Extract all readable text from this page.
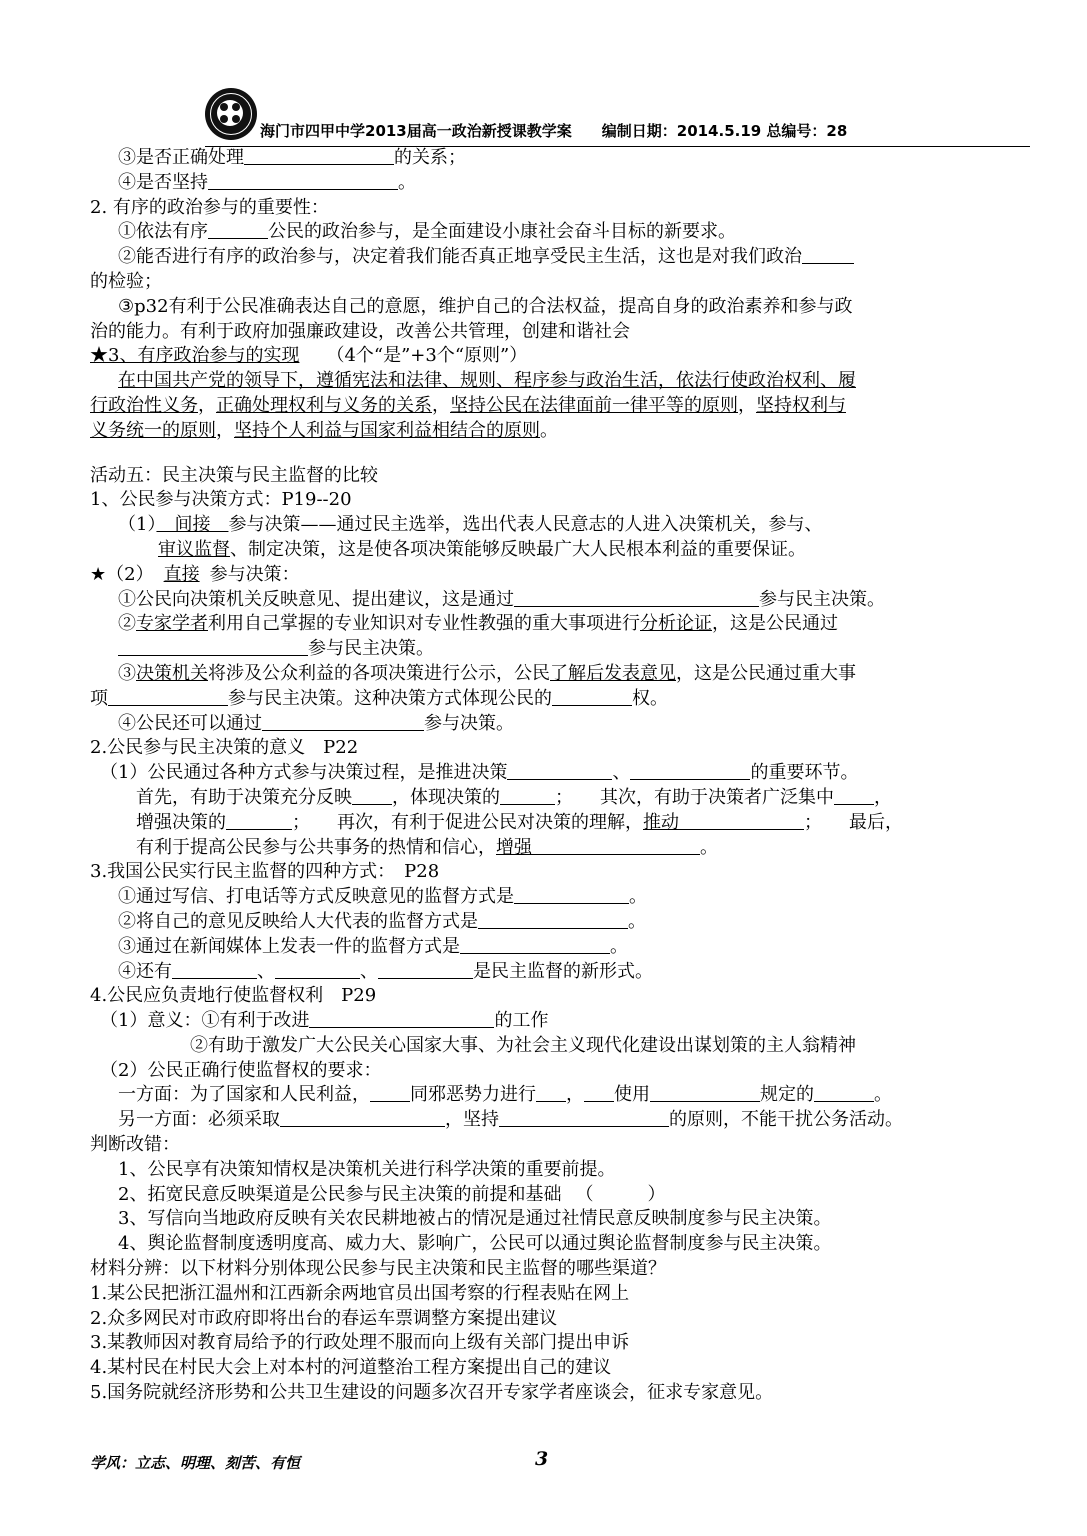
海门市四甲中学2013届高一政治新授课教学案　　编制日期：2014.5.19 总编号：28
③是否正确处理	的关系；
④是否坚持	。
2. 有序的政治参与的重要性：
①依法有序	公民的政治参与，是全面建设小康社会奋斗目标的新要求。
②能否进行有序的政治参与，决定着我们能否真正地享受民主生活，这也是对我们政治
的检验；
③p32有利于公民准确表达自己的意愿，维护自己的合法权益，提高自身的政治素养和参与政
治的能力。有利于政府加强廉政建设，改善公共管理，创建和谐社会
★3、有序政治参与的实现　　（4个“是”+3个“原则”）
在中国共产党的领导下，遵循宪法和法律、规则、程序参与政治生活，依法行使政治权利、履
行政治性义务，正确处理权利与义务的关系，坚持公民在法律面前一律平等的原则，坚持权利与
义务统一的原则，坚持个人利益与国家利益相结合的原则。
活动五：民主决策与民主监督的比较
1、公民参与决策方式：P19--20
（1）　间接　参与决策——通过民主选举，选出代表人民意志的人进入决策机关，参与、
审议监督、制定决策，这是使各项决策能够反映最广大人民根本利益的重要保证。
★（2） 直接 参与决策：
①公民向决策机关反映意见、提出建议，这是通过	参与民主决策。
②专家学者利用自己掌握的专业知识对专业性教强的重大事项进行分析论证，这是公民通过
参与民主决策。
③决策机关将涉及公众利益的各项决策进行公示，公民了解后发表意见，这是公民通过重大事
项	参与民主决策。这种决策方式体现公民的	权。
④公民还可以通过	参与决策。
2.公民参与民主决策的意义　P22
（1）公民通过各种方式参与决策过程，是推进决策	、	的重要环节。
首先，有助于决策充分反映 ，体现决策的	；　　其次，有助于决策者广泛集中 ，
增强决策的	；　　再次，有利于促进公民对决策的理解，推动	；　　最后，
有利于提高公民参与公共事务的热情和信心，增强	。
3.我国公民实行民主监督的四种方式：　P28
①通过写信、打电话等方式反映意见的监督方式是	。
②将自己的意见反映给人大代表的监督方式是	。
③通过在新闻媒体上发表一件的监督方式是	。
④还有	、	、	是民主监督的新形式。
4.公民应负责地行使监督权利　P29
（1）意义：①有利于改进	的工作
②有助于激发广大公民关心国家大事、为社会主义现代化建设出谋划策的主人翁精神
（2）公民正确行使监督权的要求：
一方面：为了国家和人民利益， 同邪恶势力进行 ， 使用	规定的	。
另一方面：必须采取	，坚持	的原则，不能干扰公务活动。
判断改错：
1、公民享有决策知情权是决策机关进行科学决策的重要前提。
2、拓宽民意反映渠道是公民参与民主决策的前提和基础 （　　　）
3、写信向当地政府反映有关农民耕地被占的情况是通过社情民意反映制度参与民主决策。
4、舆论监督制度透明度高、威力大、影响广，公民可以通过舆论监督制度参与民主决策。
材料分辨：以下材料分别体现公民参与民主决策和民主监督的哪些渠道？
1.某公民把浙江温州和江西新余两地官员出国考察的行程表贴在网上
2.众多网民对市政府即将出台的春运车票调整方案提出建议
3.某教师因对教育局给予的行政处理不服而向上级有关部门提出申诉
4.某村民在村民大会上对本村的河道整治工程方案提出自己的建议
5.国务院就经济形势和公共卫生建设的问题多次召开专家学者座谈会，征求专家意见。
学风：立志、明理、刻苦、有恒	3
